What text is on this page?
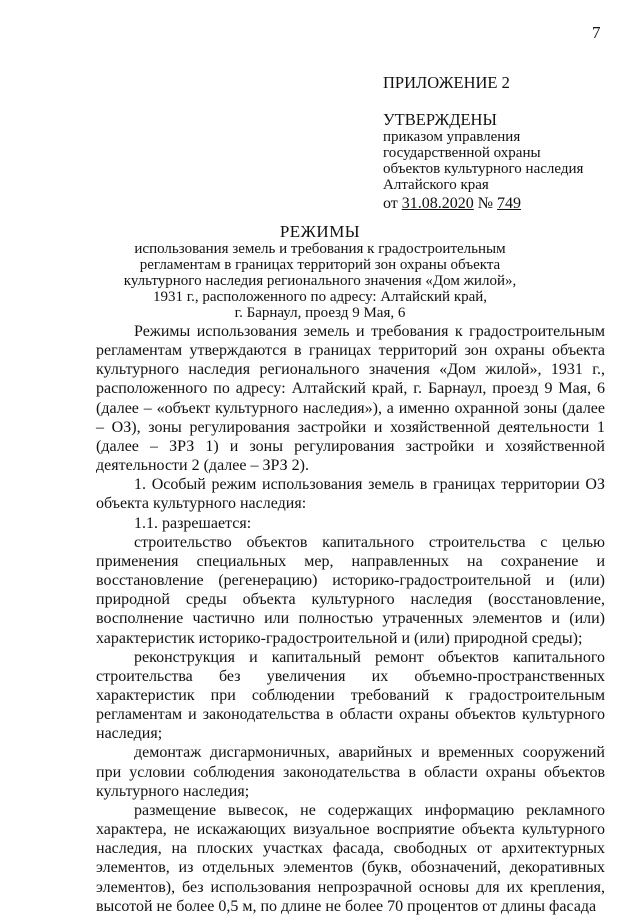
7
ПРИЛОЖЕНИЕ 2
УТВЕРЖДЕНЫ
приказом управления
государственной охраны
объектов культурного наследия
Алтайского края
от 31.08.2020 № 749
РЕЖИМЫ
использования земель и требования к градостроительным
регламентам в границах территорий зон охраны объекта
культурного наследия регионального значения «Дом жилой»,
1931 г., расположенного по адресу: Алтайский край,
г. Барнаул, проезд 9 Мая, 6

Режимы использования земель и требования к градостроительным регламентам утверждаются в границах территорий зон охраны объекта культурного наследия регионального значения «Дом жилой», 1931 г., расположенного по адресу: Алтайский край, г. Барнаул, проезд 9 Мая, 6 (далее – «объект культурного наследия»), а именно охранной зоны (далее – ОЗ), зоны регулирования застройки и хозяйственной деятельности 1 (далее – ЗРЗ 1) и зоны регулирования застройки и хозяйственной деятельности 2 (далее – ЗРЗ 2).

1. Особый режим использования земель в границах территории ОЗ объекта культурного наследия:

1.1. разрешается:

строительство объектов капитального строительства с целью применения специальных мер, направленных на сохранение и восстановление (регенерацию) историко-градостроительной и (или) природной среды объекта культурного наследия (восстановление, восполнение частично или полностью утраченных элементов и (или) характеристик историко-градостроительной и (или) природной среды);

реконструкция и капитальный ремонт объектов капитального строительства без увеличения их объемно-пространственных характеристик при соблюдении требований к градостроительным регламентам и законодательства в области охраны объектов культурного наследия;

демонтаж дисгармоничных, аварийных и временных сооружений при условии соблюдения законодательства в области охраны объектов культурного наследия;

размещение вывесок, не содержащих информацию рекламного характера, не искажающих визуальное восприятие объекта культурного наследия, на плоских участках фасада, свободных от архитектурных элементов, из отдельных элементов (букв, обозначений, декоративных элементов), без использования непрозрачной основы для их крепления, высотой не более 0,5 м, по длине не более 70 процентов от длины фасада
